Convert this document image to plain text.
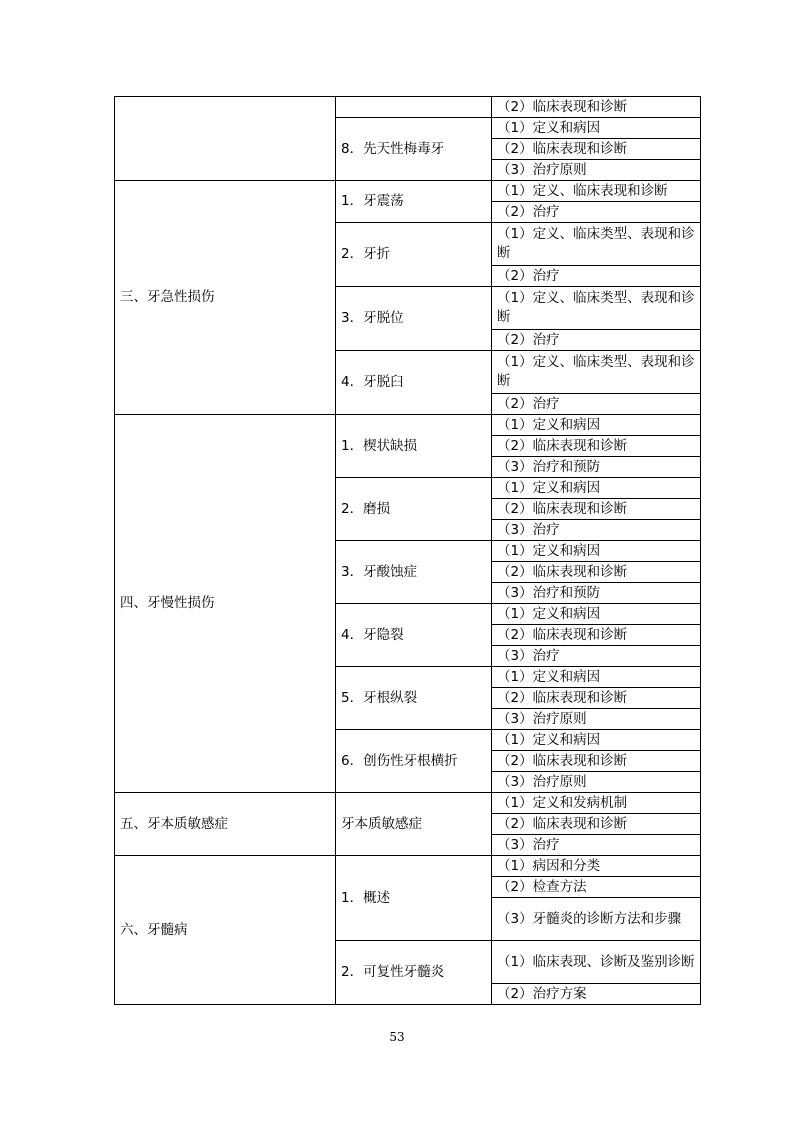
		（2）临床表现和诊断
	8．先天性梅毒牙	（1）定义和病因
		（2）临床表现和诊断
		（3）治疗原则
三、牙急性损伤	1．牙震荡	（1）定义、临床表现和诊断
		（2）治疗
	2．牙折	（1）定义、临床类型、表现和诊断
		（2）治疗
	3．牙脱位	（1）定义、临床类型、表现和诊断
		（2）治疗
	4．牙脱臼	（1）定义、临床类型、表现和诊断
		（2）治疗
四、牙慢性损伤	1．楔状缺损	（1）定义和病因
		（2）临床表现和诊断
		（3）治疗和预防
	2．磨损	（1）定义和病因
		（2）临床表现和诊断
		（3）治疗
	3．牙酸蚀症	（1）定义和病因
		（2）临床表现和诊断
		（3）治疗和预防
	4．牙隐裂	（1）定义和病因
		（2）临床表现和诊断
		（3）治疗
	5．牙根纵裂	（1）定义和病因
		（2）临床表现和诊断
		（3）治疗原则
	6．创伤性牙根横折	（1）定义和病因
		（2）临床表现和诊断
		（3）治疗原则
五、牙本质敏感症	牙本质敏感症	（1）定义和发病机制
		（2）临床表现和诊断
		（3）治疗
六、牙髓病	1．概述	（1）病因和分类
		（2）检查方法
		（3）牙髓炎的诊断方法和步骤
	2．可复性牙髓炎	（1）临床表现、诊断及鉴别诊断
		（2）治疗方案
53
